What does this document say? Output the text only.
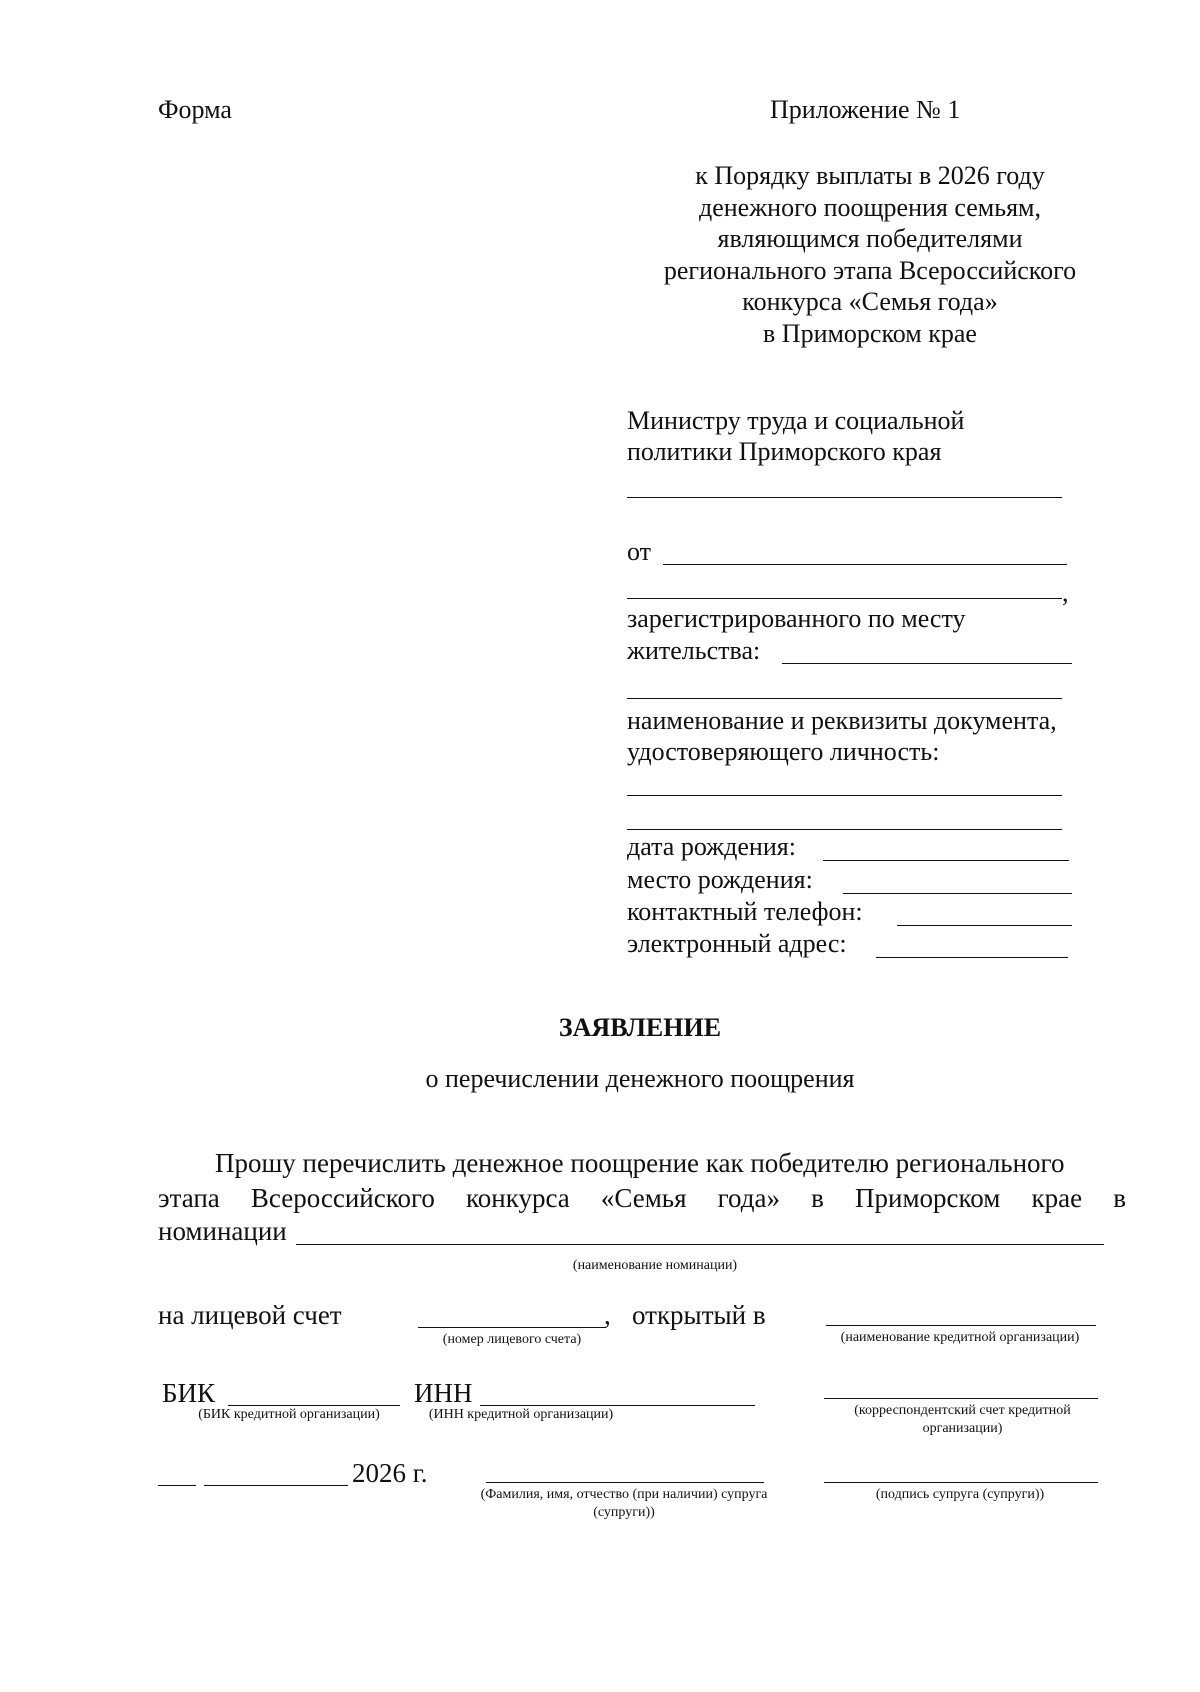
Форма	Приложение № 1
к Порядку выплаты в 2026 году
денежного поощрения семьям,
являющимся победителями
регионального этапа Всероссийского
конкурса «Семья года»
в Приморском крае
Министру труда и социальной
политики Приморского края
от
,
зарегистрированного по месту
жительства:
наименование и реквизиты документа,
удостоверяющего личность:
дата рождения:
место рождения:
контактный телефон:
электронный адрес:
ЗАЯВЛЕНИЕ
о перечислении денежного поощрения
Прошу перечислить денежное поощрение как победителю регионального
этапа Всероссийского конкурса «Семья года» в Приморском крае в
номинации
(наименование номинации)
на лицевой счет	, открытый в
(номер лицевого счета)	(наименование кредитной организации)
БИК	ИНН
(БИК кредитной организации)	(ИНН кредитной организации)	(корреспондентский счет кредитной организации)
2026 г.
(Фамилия, имя, отчество (при наличии) супруга (супруги))
(подпись супруга (супруги))
